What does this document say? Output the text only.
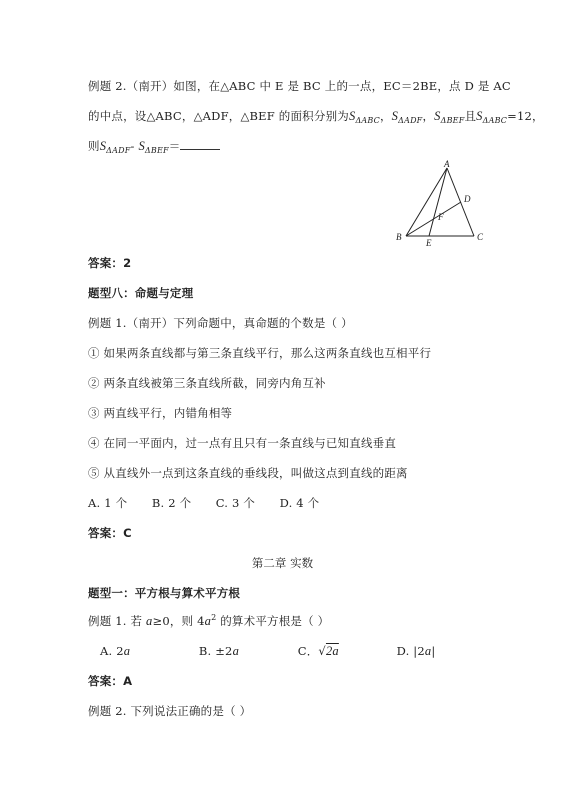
例题 2.（南开）如图，在△ABC 中 E 是 BC 上的一点，EC＝2BE，点 D 是 AC
的中点，设△ABC，△ADF，△BEF 的面积分别为$S_{\Delta ABC}$，$S_{\Delta ADF}$，$S_{\Delta BEF}$且$S_{\Delta ABC}=12$，
则$S_{\Delta ADF}-$ $S_{\Delta BEF}=$
A
B	C
D
E
F
答案：2
题型八：命题与定理
例题 1.（南开）下列命题中，真命题的个数是（ ）
① 如果两条直线都与第三条直线平行，那么这两条直线也互相平行
② 两条直线被第三条直线所截，同旁内角互补
③ 两直线平行，内错角相等
④ 在同一平面内，过一点有且只有一条直线与已知直线垂直
⑤ 从直线外一点到这条直线的垂线段，叫做这点到直线的距离
A. 1 个 B. 2 个 C. 3 个 D. 4 个
答案：C
第二章 实数
题型一：平方根与算术平方根
例题 1. 若 a≥0，则 $4a^2$ 的算术平方根是（ ）
A. 2a	B. ±2a	C．√2a	D. |2a|
答案：A
例题 2. 下列说法正确的是（ ）
